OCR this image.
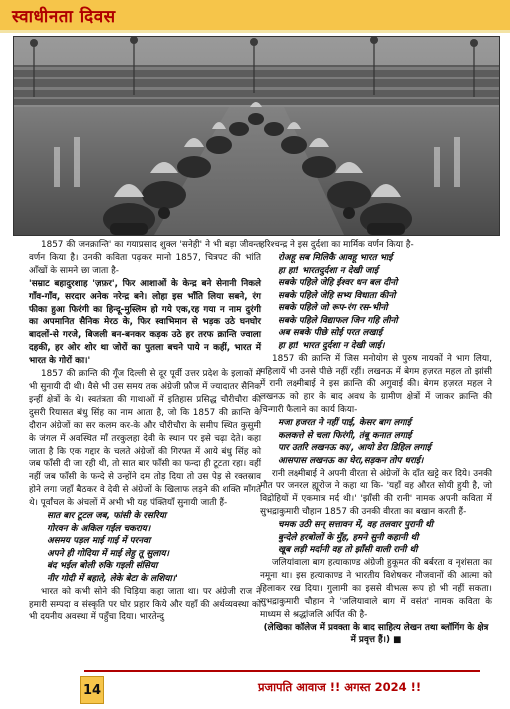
स्वाधीनता दिवस

1857 की जनक्रान्ति' का गयाप्रसाद शुक्ल 'सनेही' ने भी बड़ा जीवन्त वर्णन किया है। उनकी कविता पढ़कर मानो 1857, चित्रपट की भांति आँखों के सामने छा जाता है-

'सम्राट बहादुरशाह 'ज़फ़र', फिर आशाओं के केन्द्र बने सेनानी निकले गाँव-गाँव, सरदार अनेक नरेन्द्र बने। लोहा इस भाँति लिया सबने, रंग फीका हुआ फिरंगी का हिन्दू-मुस्लिम हो गये एक,रह गया न नाम दुरंगी का अपमानित सैनिक मेरठ के, फिर स्वाभिमान से भड़क उठे घनघोर बादलों-से गरजे, बिजली बन-बनकर कड़क उठे हर तरफ क्रान्ति ज्वाला दहकी, हर ओर शोर था जोरों का पुतला बचने पाये न कहीं, भारत में भारत के गोरों का।'

1857 की क्रान्ति की गूँज दिल्ली से दूर पूर्वी उत्तर प्रदेश के इलाकों में भी सुनायी दी थी। वैसे भी उस समय तक अंग्रेजी फ़ौज में ज्यादातर सैनिक इन्हीं क्षेत्रों के थे। स्वतंत्रता की गाथाओं में इतिहास प्रसिद्ध चौरीचौरा की दुसरी रियासत बंधु सिंह का नाम आता है, जो कि 1857 की क्रान्ति के दौरान अंग्रेजों का सर कलम कर-के और चौरीचौरा के समीप स्थित कुसुमी के जंगल में अवस्थित माँ तरकुलहा देवी के स्थान पर इसे चढ़ा देते। कहा जाता है कि एक गद्दार के चलते अंग्रेजों की गिरफ्त में आये बंधु सिंह को जब फाँसी दी जा रही थी, तो सात बार फाँसी का फन्दा ही टूटता रहा। वहीं नहीं जब फाँसी के फन्दे से उन्होंने दम तोड़ दिया तो उस पेड़ से रक्तस्राव होने लगा जहाँ बैठकर वे देवी से अंग्रेजों के खिलाफ लड़ने की शक्ति माँगते थे। पूर्वांचल के अंचलों में अभी भी यह पंक्तियाँ सुनायी जाती हैं-

सात बार टूटल जब, फांसी के रसरिया
गोरवन के अकिल गईल चकराय।
असमय पड़ल माई गाई में परनवा
अपने ही गोदिया में माई लेहु तू सुलाय।
बंद भईल बोली रुकि गइली संसिया
नीर गोदी में बहाते, लेके बेटा के लशिया।'

भारत को कभी सोने की चिड़िया कहा जाता था। पर अंग्रेजी राज ने हमारी सम्पदा व संस्कृति पर घोर प्रहार किये और यहाँ की अर्थव्यवस्था को भी दयनीय अवस्था में पहुँचा दिया। भारतेन्दु

हरिश्चन्द्र ने इस दुर्दशा का मार्मिक वर्णन किया है-

रोअहू सब मिलिकै आवहू भारत भाई
हा हा! भारतदुर्दशा न देखी जाई
सबके पहिले जेहि ईश्वर धन बल दीनो
सबके पहिले जेहि सभ्य विधाता कीनो
सबके पहिले जो रूप-रंग रस-भीनो
सबके पहिले विद्याफल जिन गहि लीनो
अब सबके पीछे सोई परत लखाई
हा हा! भारत दुर्दशा न देखी जाई।

1857 की क्रान्ति में जिस मनोयोग से पुरुष नायकों ने भाग लिया, महिलायें भी उनसे पीछे नहीं रहीं। लखनऊ में बेगम हज़रत महल तो झांसी में रानी लक्ष्मीबाई ने इस क्रान्ति की अगुवाई की। बेगम हज़रत महल ने लखनऊ को हार के बाद अवध के ग्रामीण क्षेत्रों में जाकर क्रान्ति की चिन्गारी फैलाने का कार्य किया-

मजा हजरत ने नहीं पाई, केसर बाग लगाई
कलकत्ते से चला फिरंगी, तंबू कनात लगाई
पार उतरि लखनऊ का/, आयो डेरा डिहिल लगाई
आसपास लखनऊ का घेरा,सड़कन तोप धराई।

रानी लक्ष्मीबाई ने अपनी वीरता से अंग्रेजों के दाँत खट्टे कर दिये। उनकी मौत पर जनरल ह्यूरोज ने कहा था कि- 'यहाँ वह औरत सोयी हुयी है, जो विद्रोहियों में एकमात्र मर्द थी।' 'झाँसी की रानी' नामक अपनी कविता में सुभद्राकुमारी चौहान 1857 की उनकी वीरता का बखान करती हैं-

चमक उठी सन् सत्तावन में, वह तलवार पुरानी थी
बुन्देले हरबोलों के मुँह, हमने सुनी कहानी थी
खूब लड़ी मर्दानी वह तो झाँसी वाली रानी थी

जलियांवाला बाग हत्याकाण्ड अंग्रेजी हुकूमत की बर्बरता व नृशंसता का नमूना था। इस हत्याकाण्ड ने भारतीय विशेषकर नौजवानों की आत्मा को हिलाकर रख दिया। गुलामी का इससे वीभत्स रूप हो भी नहीं सकता। सुभद्राकुमारी चौहान ने 'जलियावाले बाग में वसंत' नामक कविता के माध्यम से श्रद्धांजलि अर्पित की है-

(लेखिका कॉलेज में प्रवक्ता के बाद साहित्य लेखन तथा ब्लॉगिंग के क्षेत्र में प्रवृत्त हैं।) ■

14	प्रजापति आवाज !! अगस्त 2024 !!
